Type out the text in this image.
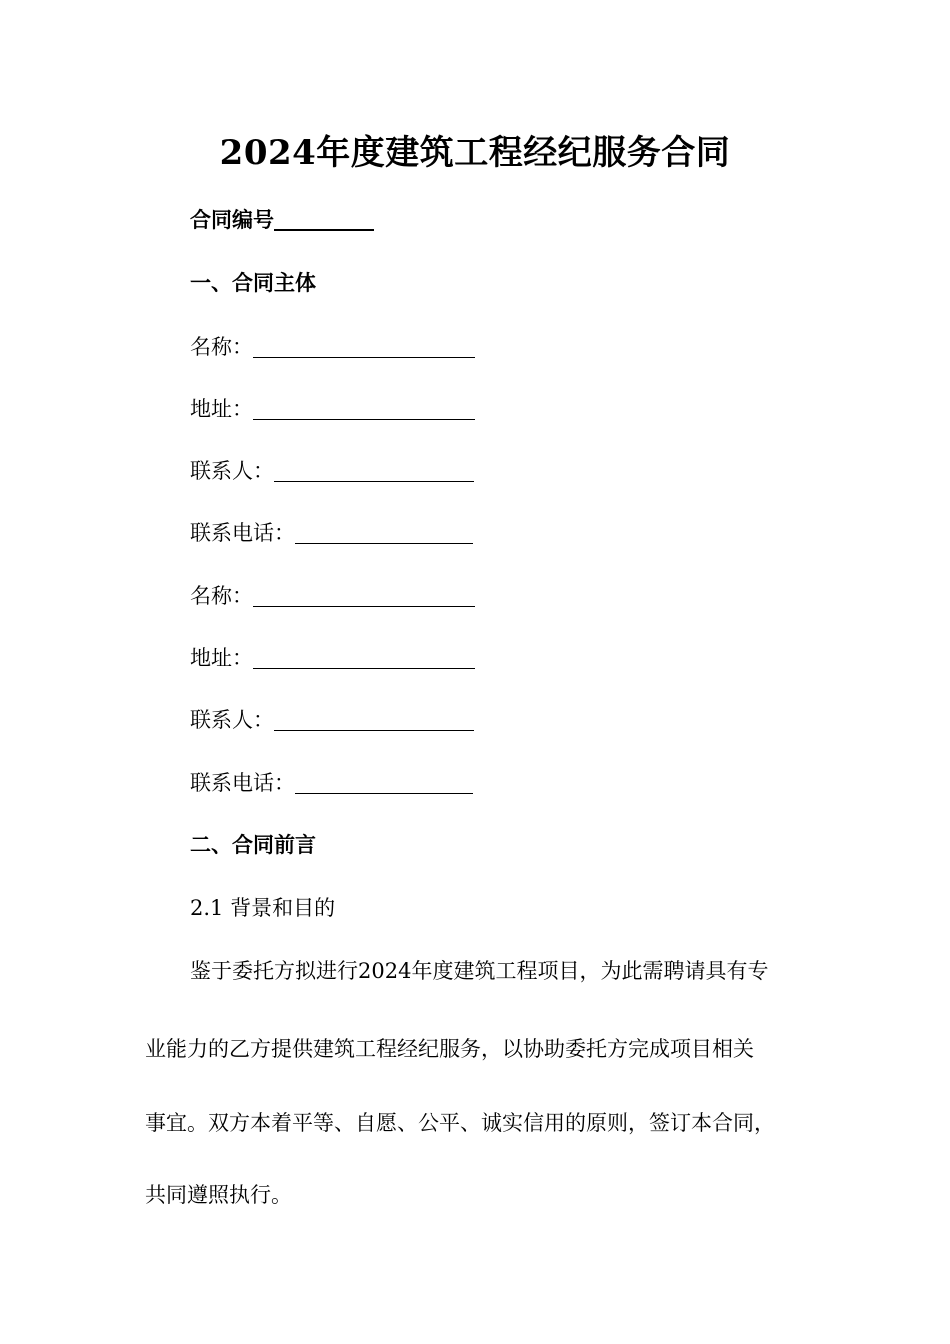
2024年度建筑工程经纪服务合同
合同编号
一、合同主体
名称：
地址：
联系人：
联系电话：
名称：
地址：
联系人：
联系电话：
二、合同前言
2.1 背景和目的
鉴于委托方拟进行2024年度建筑工程项目，为此需聘请具有专
业能力的乙方提供建筑工程经纪服务，以协助委托方完成项目相关
事宜。双方本着平等、自愿、公平、诚实信用的原则，签订本合同，
共同遵照执行。
